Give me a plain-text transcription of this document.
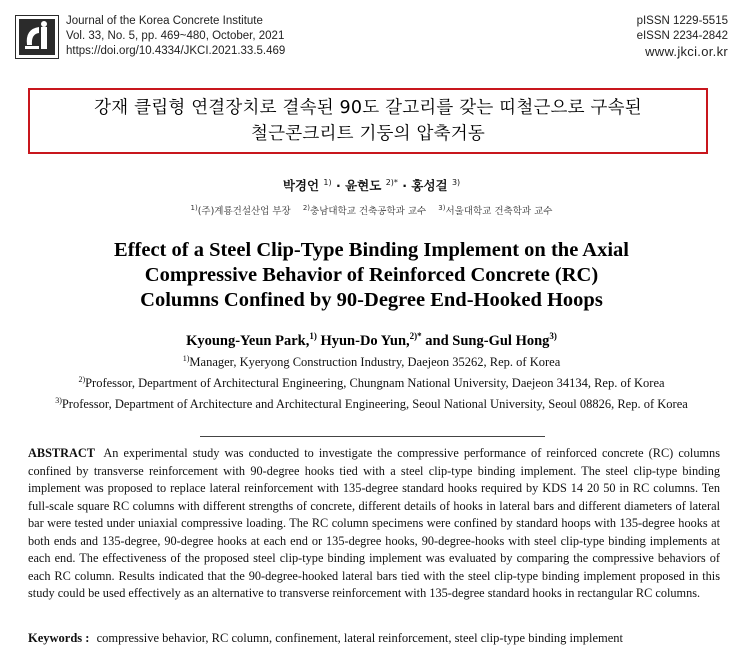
Journal of the Korea Concrete Institute
Vol. 33, No. 5, pp. 469~480, October, 2021
https://doi.org/10.4334/JKCI.2021.33.5.469
pISSN 1229-5515
eISSN 2234-2842
www.jkci.or.kr
강재 클립형 연결장치로 결속된 90도 갈고리를 갖는 띠철근으로 구속된
철근콘크리트 기둥의 압축거동
박경언 $^{1)}$ · 윤현도 $^{2)*}$ · 홍성걸 $^{3)}$
$^{1)}$(주)계룡건설산업 부장 $^{2)}$충남대학교 건축공학과 교수 $^{3)}$서울대학교 건축학과 교수
Effect of a Steel Clip-Type Binding Implement on the Axial
Compressive Behavior of Reinforced Concrete (RC)
Columns Confined by 90-Degree End-Hooked Hoops
Kyoung-Yeun Park,$^{1)}$ Hyun-Do Yun,$^{2)*}$ and Sung-Gul Hong$^{3)}$
$^{1)}$Manager, Kyeryong Construction Industry, Daejeon 35262, Rep. of Korea
$^{2)}$Professor, Department of Architectural Engineering, Chungnam National University, Daejeon 34134, Rep. of Korea
$^{3)}$Professor, Department of Architecture and Architectural Engineering, Seoul National University, Seoul 08826, Rep. of Korea
ABSTRACT An experimental study was conducted to investigate the compressive performance of reinforced concrete (RC) columns confined by transverse reinforcement with 90-degree hooks tied with a steel clip-type binding implement. The steel clip-type binding implement was proposed to replace lateral reinforcement with 135-degree standard hooks required by KDS 14 20 50 in RC columns. Ten full-scale square RC columns with different strengths of concrete, different details of hooks in lateral bars and different diameters of lateral bar were tested under uniaxial compressive loading. The RC column specimens were confined by standard hoops with 135-degree hooks at both ends and 135-degree, 90-degree hooks at each end or 135-degree hooks, 90-degree-hooks with steel clip-type binding implements at each end. The effectiveness of the proposed steel clip-type binding implement was evaluated by comparing the compressive behaviors of each RC column. Results indicated that the 90-degree-hooked lateral bars tied with the steel clip-type binding implement proposed in this study could be used effectively as an alternative to transverse reinforcement with 135-degree standard hooks in rectangular RC columns.
Keywords : compressive behavior, RC column, confinement, lateral reinforcement, steel clip-type binding implement
